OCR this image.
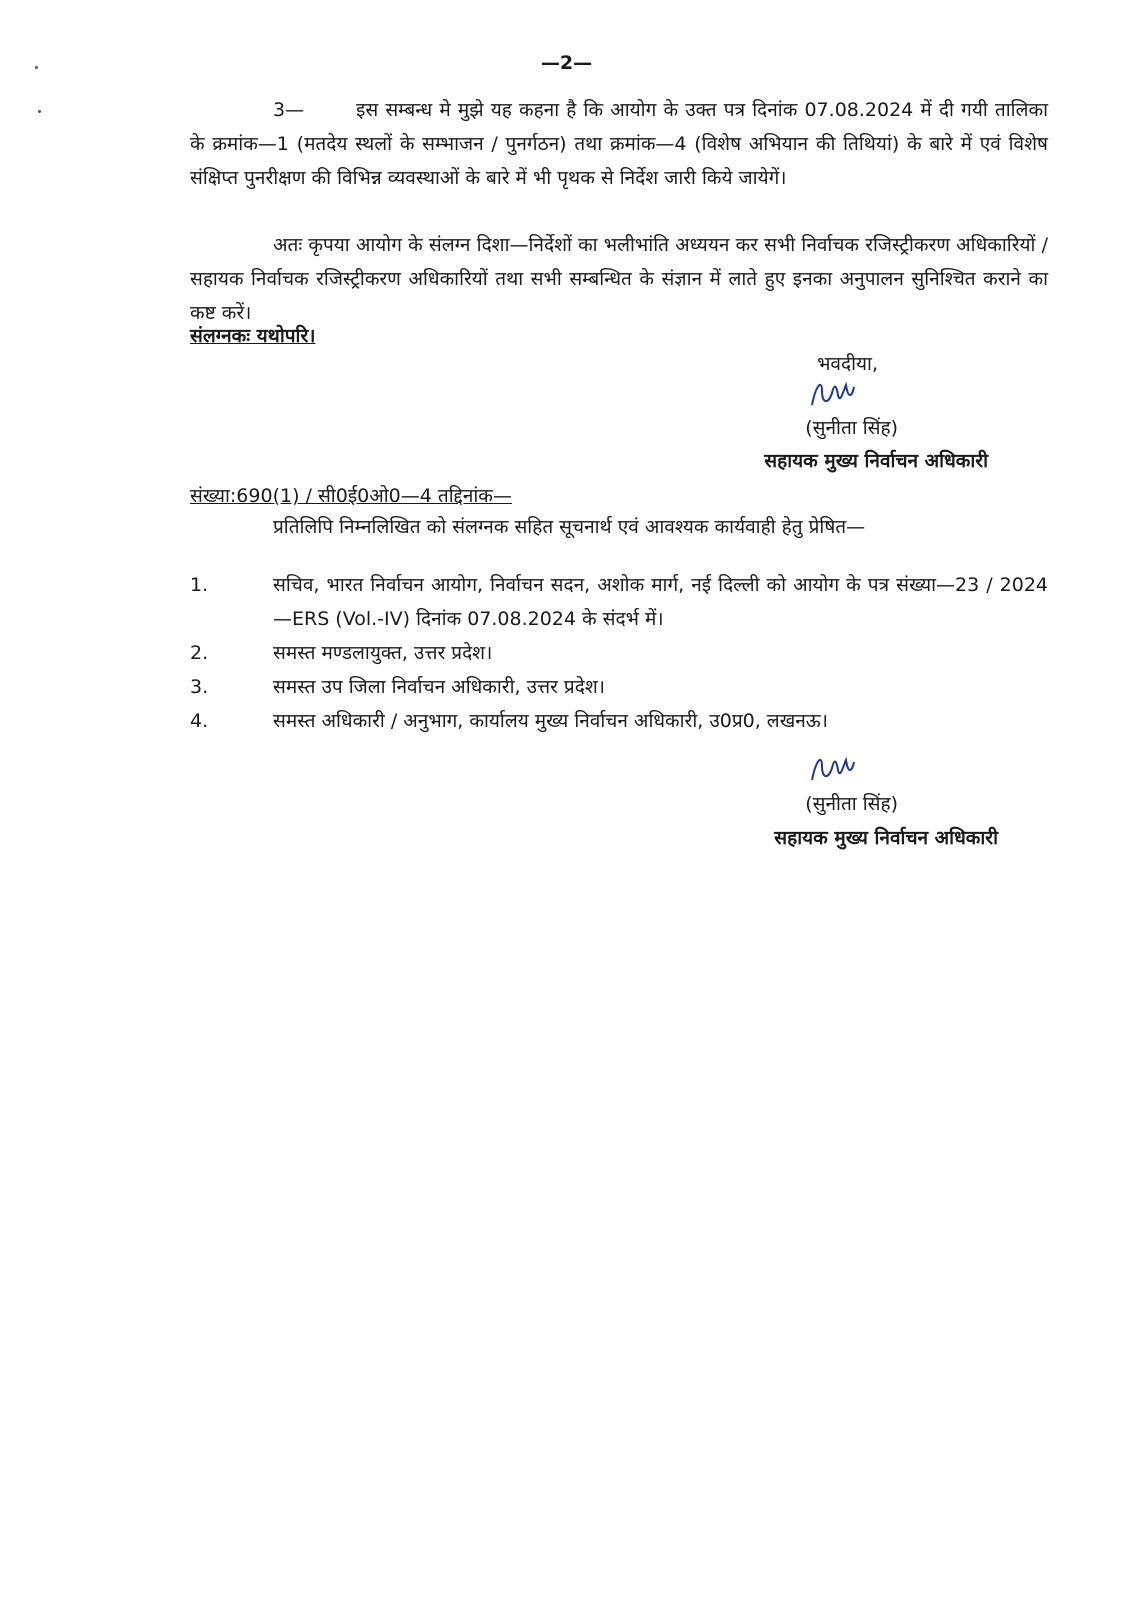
—2—
3—	इस सम्बन्ध मे मुझे यह कहना है कि आयोग के उक्त पत्र दिनांक 07.08.2024 में दी गयी तालिका के क्रमांक—1 (मतदेय स्थलों के सम्भाजन / पुनर्गठन) तथा क्रमांक—4 (विशेष अभियान की तिथियां) के बारे में एवं विशेष संक्षिप्त पुनरीक्षण की विभिन्न व्यवस्थाओं के बारे में भी पृथक से निर्देश जारी किये जायेगें।
अतः कृपया आयोग के संलग्न दिशा—निर्देशों का भलीभांति अध्ययन कर सभी निर्वाचक रजिस्ट्रीकरण अधिकारियों / सहायक निर्वाचक रजिस्ट्रीकरण अधिकारियों तथा सभी सम्बन्धित के संज्ञान में लाते हुए इनका अनुपालन सुनिश्चित कराने का कष्ट करें।
संलग्नकः यथोपरि।
भवदीया,
(सुनीता सिंह)
सहायक मुख्य निर्वाचन अधिकारी
संख्या:690(1) / सी0ई0ओ0—4 तद्दिनांक—
प्रतिलिपि निम्नलिखित को संलग्नक सहित सूचनार्थ एवं आवश्यक कार्यवाही हेतु प्रेषित—
1.	सचिव, भारत निर्वाचन आयोग, निर्वाचन सदन, अशोक मार्ग, नई दिल्ली को आयोग के पत्र संख्या—23 / 2024—ERS (Vol.-IV) दिनांक 07.08.2024 के संदर्भ में।
2.	समस्त मण्डलायुक्त, उत्तर प्रदेश।
3.	समस्त उप जिला निर्वाचन अधिकारी, उत्तर प्रदेश।
4.	समस्त अधिकारी / अनुभाग, कार्यालय मुख्य निर्वाचन अधिकारी, उ0प्र0, लखनऊ।
(सुनीता सिंह)
सहायक मुख्य निर्वाचन अधिकारी
